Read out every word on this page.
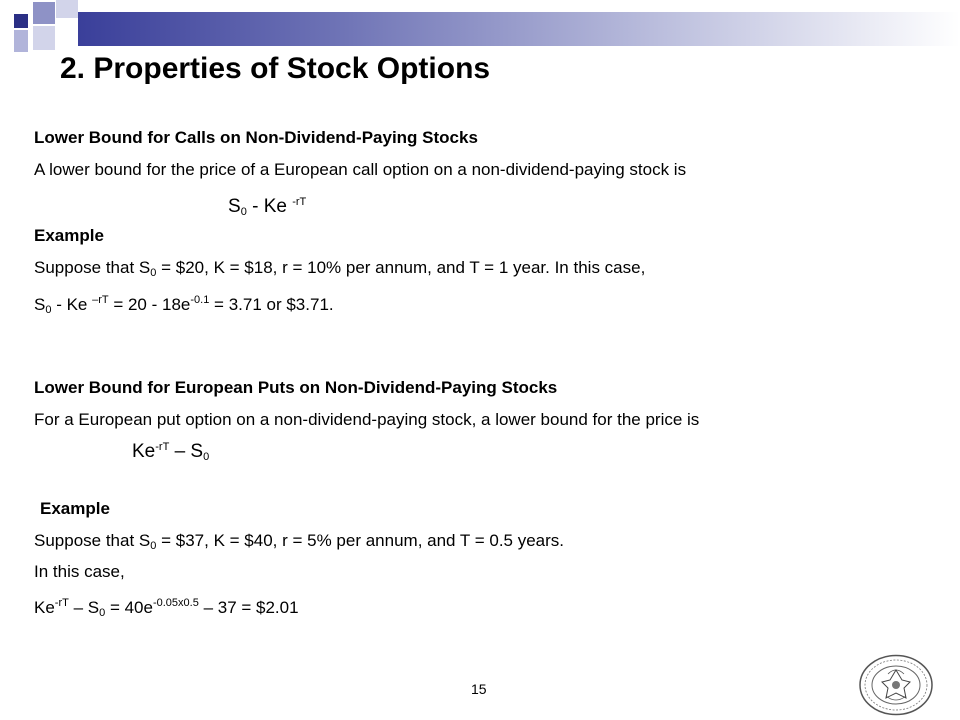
2. Properties of Stock Options
Lower Bound for Calls on Non-Dividend-Paying Stocks
A lower bound for the price of a European call option on a non-dividend-paying stock is
$S_0$ - Ke $^{-rT}$
Example
Suppose that $S_0$ = $20, K = $18, r = 10% per annum, and T = 1 year. In this case,
$S_0$ - Ke $^{-rT} = 20 - 18e^{-0.1} = 3.71$ or $3.71.
Lower Bound for European Puts on Non-Dividend-Paying Stocks
For a European put option on a non-dividend-paying stock, a lower bound for the price is
$Ke^{-rT} - S_0$
Example
Suppose that $S_0$ = $37, K = $40, r = 5% per annum, and T = 0.5 years.
In this case,
$Ke^{-rT} - S_0 = 40e^{-0.05x0.5} - 37$ = $2.01
15
